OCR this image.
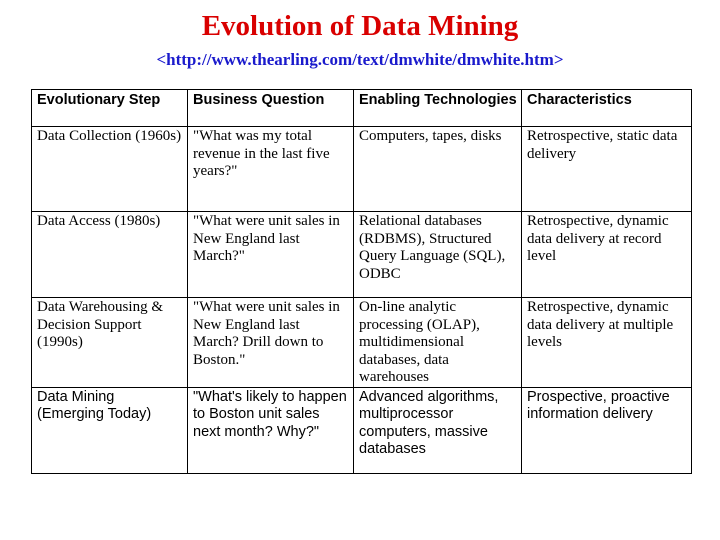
Evolution of Data Mining

<http://www.thearling.com/text/dmwhite/dmwhite.htm>

Evolutionary Step	Business Question	Enabling Technologies	Characteristics
Data Collection (1960s)	"What was my total revenue in the last five years?"	Computers, tapes, disks	Retrospective, static data delivery
Data Access (1980s)	"What were unit sales in New England last March?"	Relational databases (RDBMS), Structured Query Language (SQL), ODBC	Retrospective, dynamic data delivery at record level
Data Warehousing & Decision Support (1990s)	"What were unit sales in New England last March? Drill down to Boston."	On-line analytic processing (OLAP), multidimensional databases, data warehouses	Retrospective, dynamic data delivery at multiple levels
Data Mining (Emerging Today)	"What's likely to happen to Boston unit sales next month? Why?"	Advanced algorithms, multiprocessor computers, massive databases	Prospective, proactive information delivery
